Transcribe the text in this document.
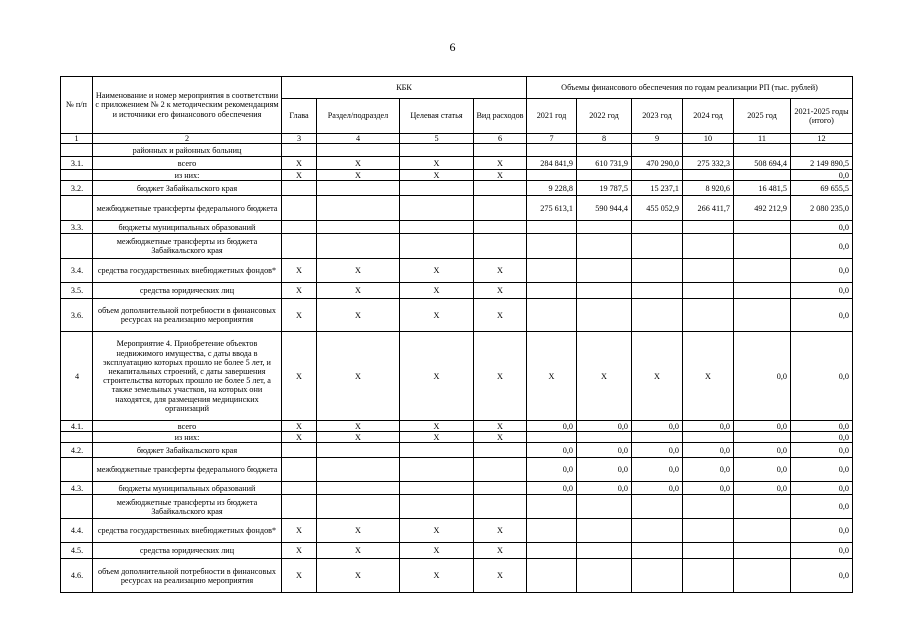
6
№ п/п	Наименование и номер мероприятия в соответствии с приложением № 2 к методическим рекомендациям и источники его финансового обеспечения	КБК				Объемы финансового обеспечения по годам реализации РП (тыс. рублей)					
		Глава	Раздел/подраздел	Целевая статья	Вид расходов	2021 год	2022 год	2023 год	2024 год	2025 год	2021-2025 годы (итого)
1	2	3	4	5	6	7	8	9	10	11	12
	районных и районных больниц										
3.1.	всего	X	X	X	X	284 841,9	610 731,9	470 290,0	275 332,3	508 694,4	2 149 890,5
	из них:	X	X	X	X						0,0
3.2.	бюджет Забайкальского края					9 228,8	19 787,5	15 237,1	8 920,6	16 481,5	69 655,5
	межбюджетные трансферты федерального бюджета					275 613,1	590 944,4	455 052,9	266 411,7	492 212,9	2 080 235,0
3.3.	бюджеты муниципальных образований										0,0
	межбюджетные трансферты из бюджета Забайкальского края										0,0
3.4.	средства государственных внебюджетных фондов*	X	X	X	X						0,0
3.5.	средства юридических лиц	X	X	X	X						0,0
3.6.	объем дополнительной потребности в финансовых ресурсах на реализацию мероприятия	X	X	X	X						0,0
4	Мероприятие 4. Приобретение объектов недвижимого имущества, с даты ввода в эксплуатацию которых прошло не более 5 лет, и некапитальных строений, с даты завершения строительства которых прошло не более 5 лет, а также земельных участков, на которых они находятся, для размещения медицинских организаций	X	X	X	X	X	X	X	X	0,0	0,0
4.1.	всего	X	X	X	X	0,0	0,0	0,0	0,0	0,0	0,0
	из них:	X	X	X	X						0,0
4.2.	бюджет Забайкальского края					0,0	0,0	0,0	0,0	0,0	0,0
	межбюджетные трансферты федерального бюджета					0,0	0,0	0,0	0,0	0,0	0,0
4.3.	бюджеты муниципальных образований					0,0	0,0	0,0	0,0	0,0	0,0
	межбюджетные трансферты из бюджета Забайкальского края										0,0
4.4.	средства государственных внебюджетных фондов*	X	X	X	X						0,0
4.5.	средства юридических лиц	X	X	X	X						0,0
4.6.	объем дополнительной потребности в финансовых ресурсах на реализацию мероприятия	X	X	X	X						0,0
